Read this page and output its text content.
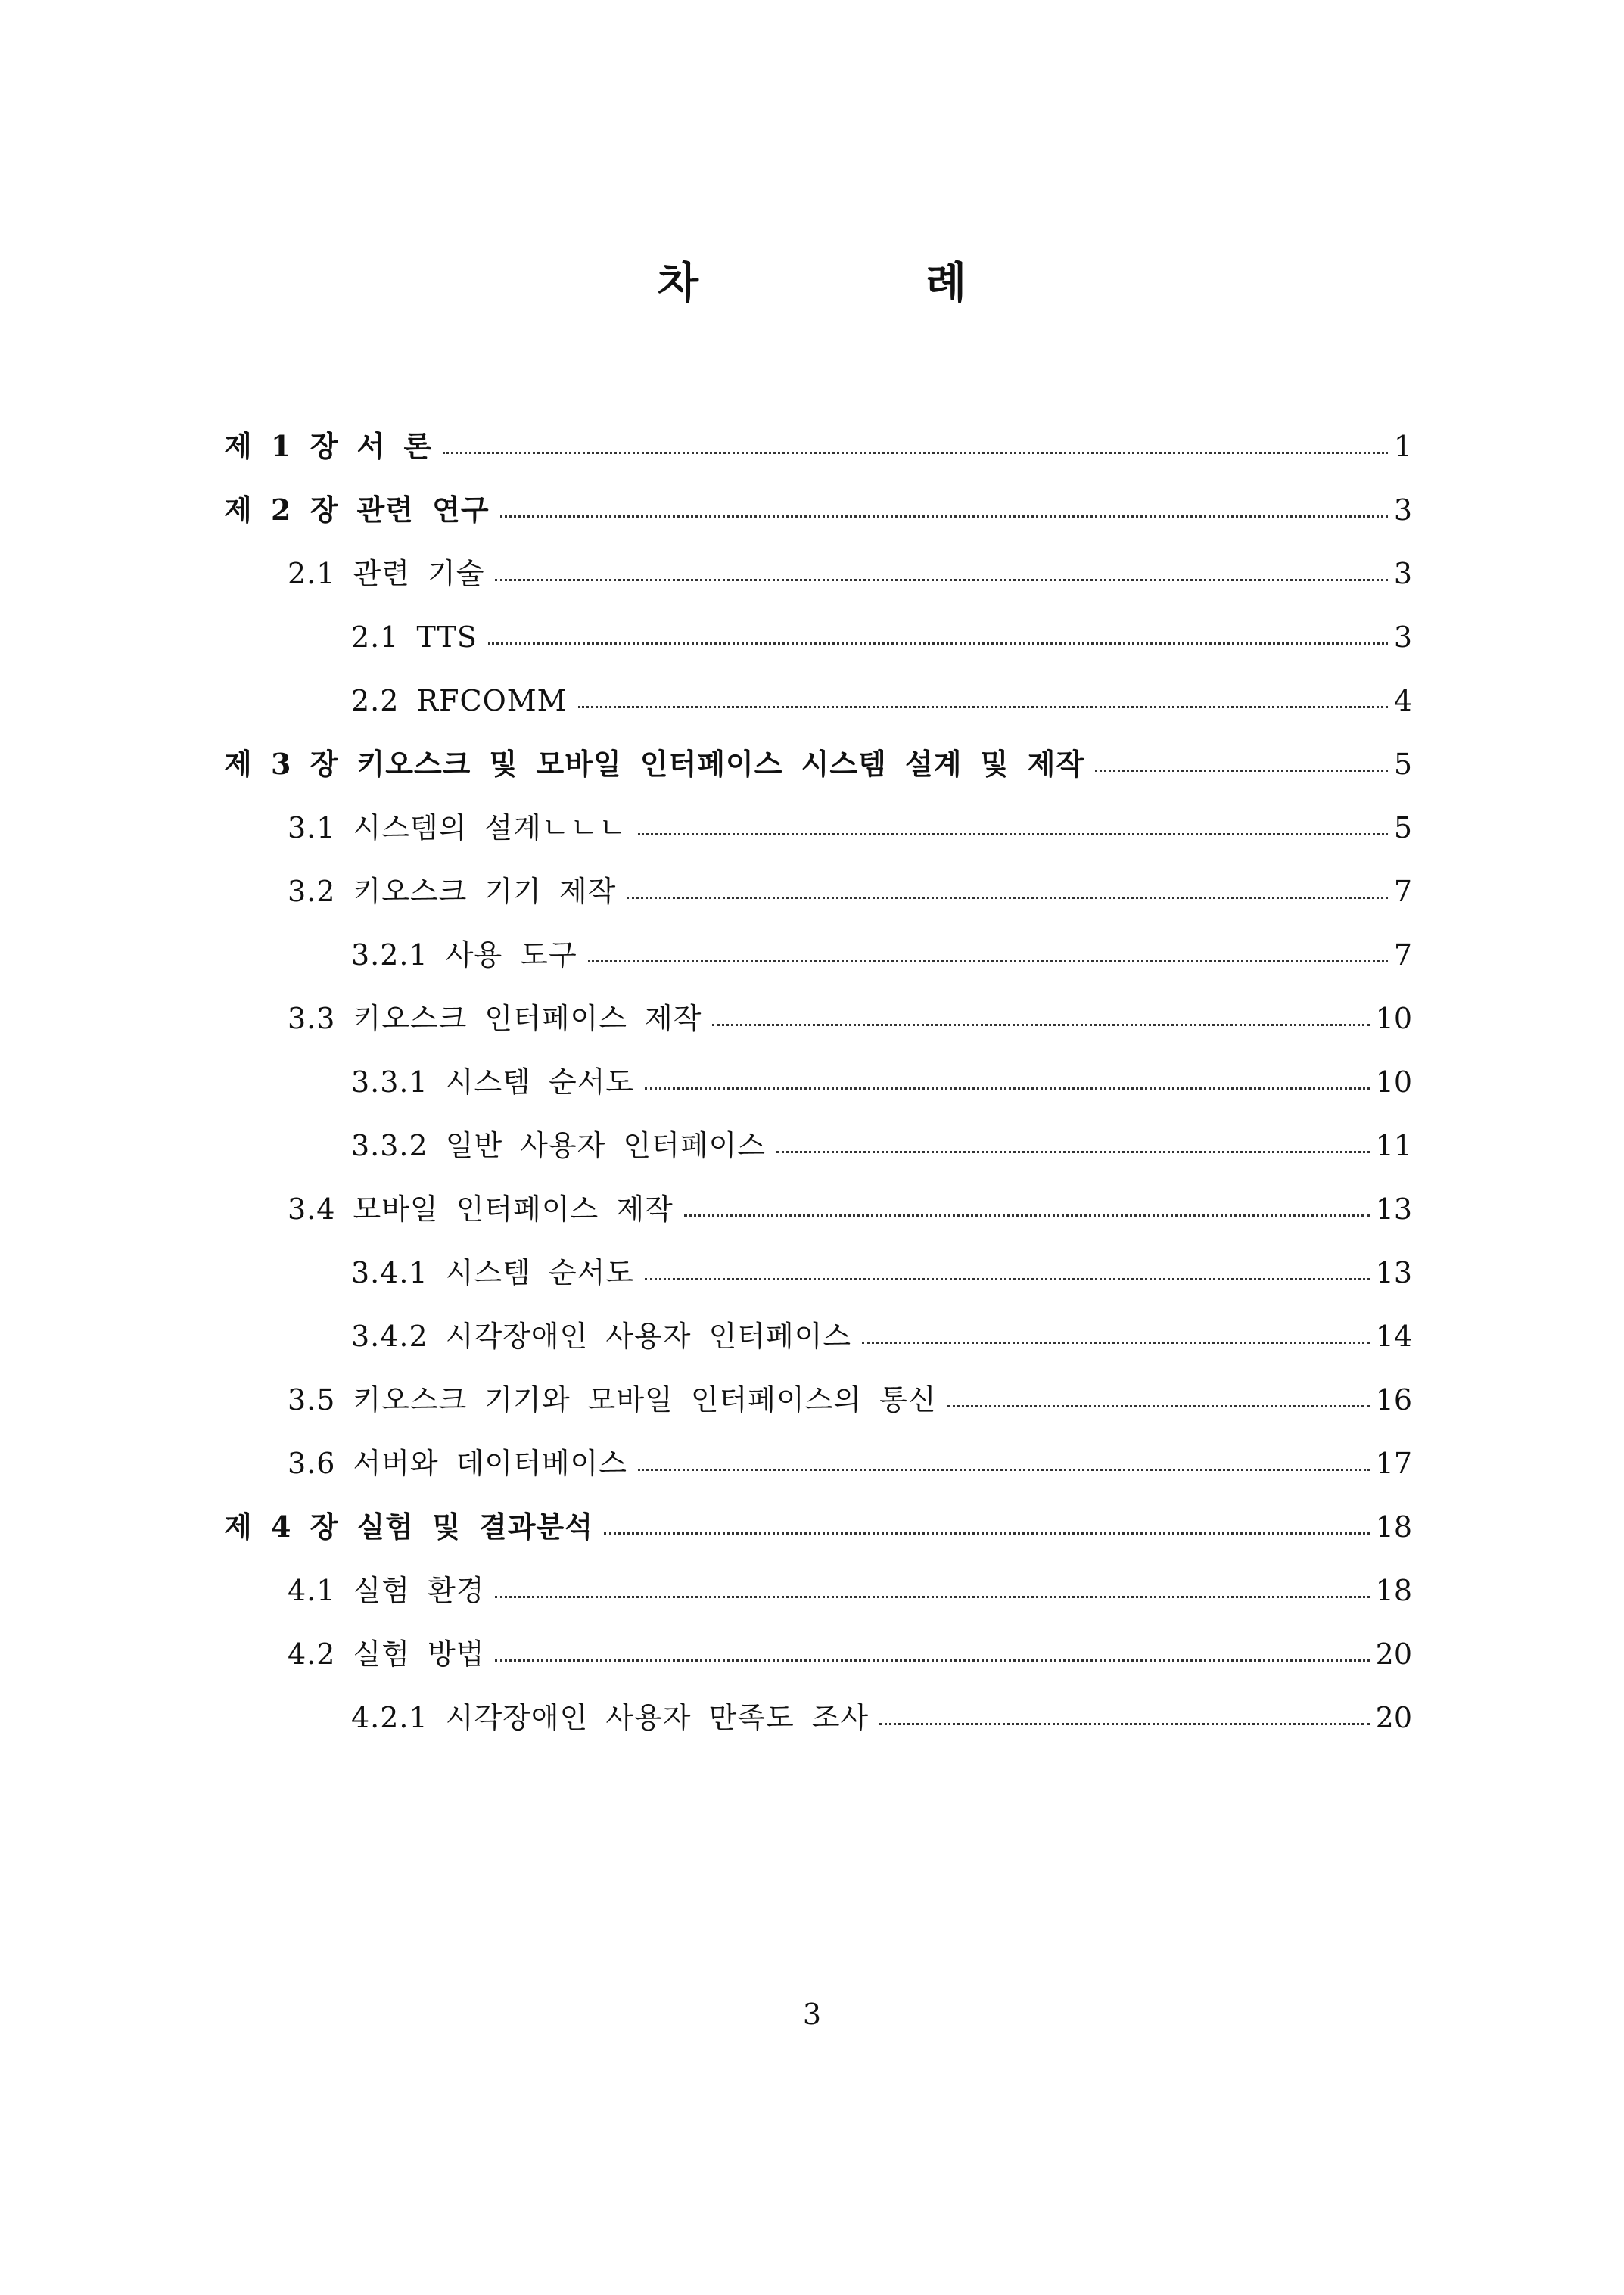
차	례
제 1 장 서 론	1
제 2 장 관련 연구	3
2.1 관련 기술	3
2.1 TTS	3
2.2 RFCOMM	4
제 3 장 키오스크 및 모바일 인터페이스 시스템 설계 및 제작	5
3.1 시스템의 설계ㄴㄴㄴ	5
3.2 키오스크 기기 제작	7
3.2.1 사용 도구	7
3.3 키오스크 인터페이스 제작	10
3.3.1 시스템 순서도	10
3.3.2 일반 사용자 인터페이스	11
3.4 모바일 인터페이스 제작	13
3.4.1 시스템 순서도	13
3.4.2 시각장애인 사용자 인터페이스	14
3.5 키오스크 기기와 모바일 인터페이스의 통신	16
3.6 서버와 데이터베이스	17
제 4 장 실험 및 결과분석	18
4.1 실험 환경	18
4.2 실험 방법	20
4.2.1 시각장애인 사용자 만족도 조사	20
3
